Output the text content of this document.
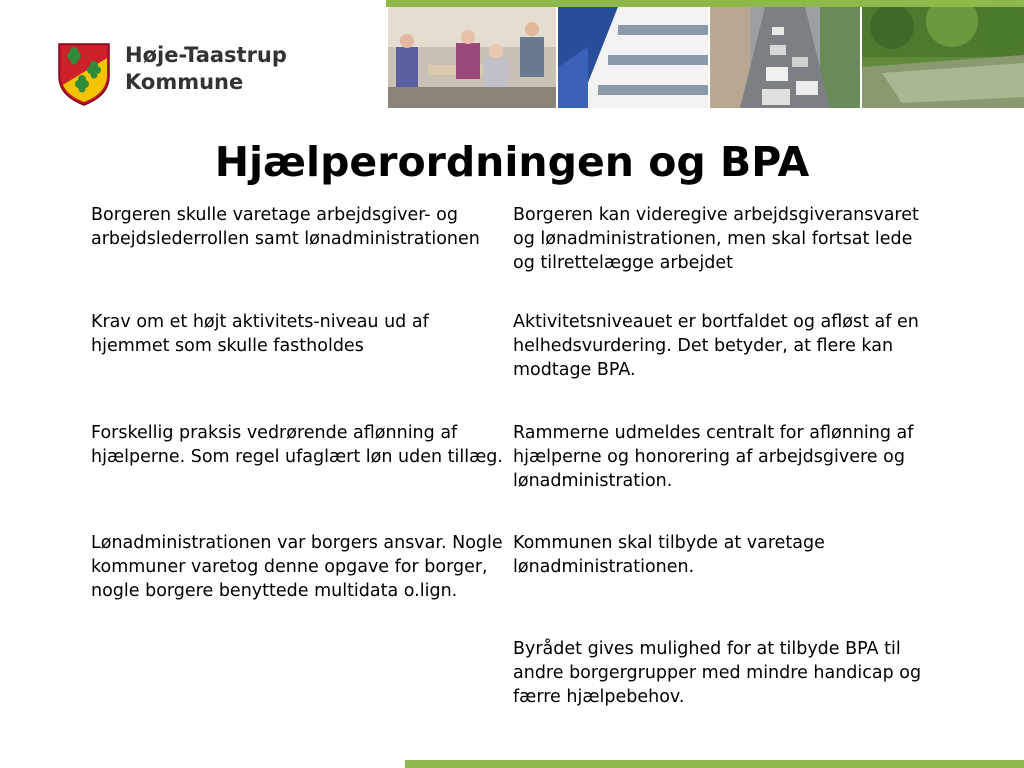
Høje-Taastrup
Kommune
Hjælperordningen og BPA

Borgeren skulle varetage arbejdsgiver- og arbejdslederrollen samt lønadministrationen

Krav om et højt aktivitets-niveau ud af hjemmet som skulle fastholdes

Forskellig praksis vedrørende aflønning af hjælperne. Som regel ufaglært løn uden tillæg.

Lønadministrationen var borgers ansvar. Nogle kommuner varetog denne opgave for borger, nogle borgere benyttede multidata o.lign.

Borgeren kan videregive arbejdsgiveransvaret og lønadministrationen, men skal fortsat lede og tilrettelægge arbejdet

Aktivitetsniveauet er bortfaldet og afløst af en helhedsvurdering. Det betyder, at flere kan modtage BPA.

Rammerne udmeldes centralt for aflønning af hjælperne og honorering af arbejdsgivere og lønadministration.

Kommunen skal tilbyde at varetage lønadministrationen.

Byrådet gives mulighed for at tilbyde BPA til andre borgergrupper med mindre handicap og færre hjælpebehov.
